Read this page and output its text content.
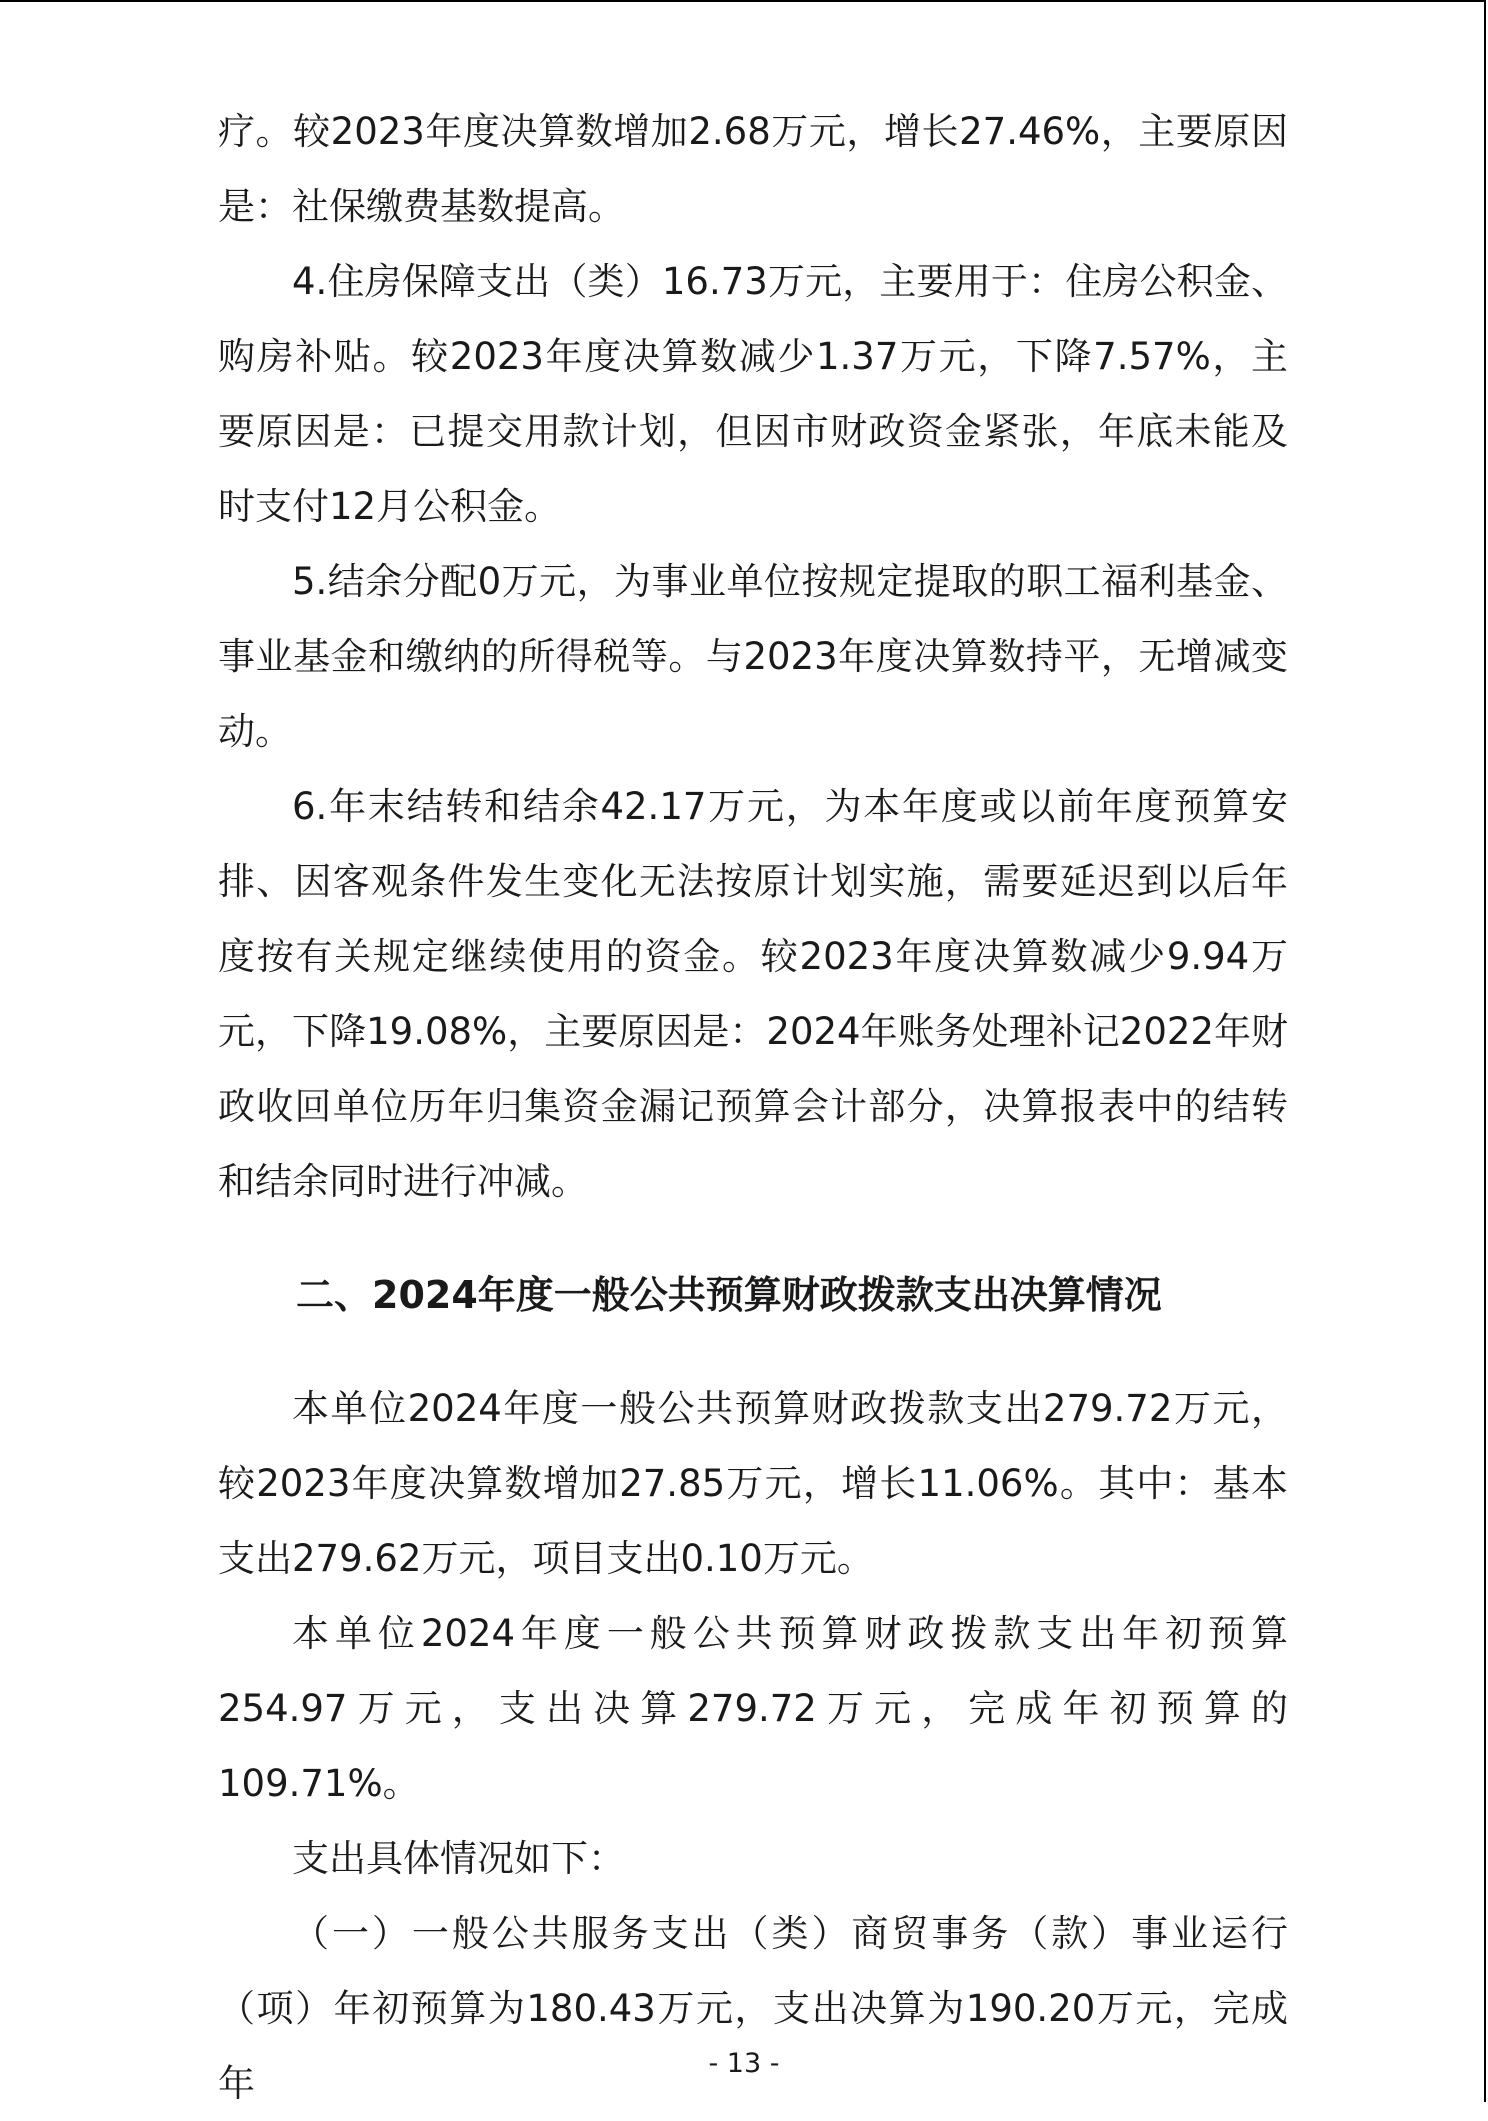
疗。较2023年度决算数增加2.68万元，增长27.46%，主要原因是：社保缴费基数提高。

4.住房保障支出（类）16.73万元，主要用于：住房公积金、购房补贴。较2023年度决算数减少1.37万元，下降7.57%，主要原因是：已提交用款计划，但因市财政资金紧张，年底未能及时支付12月公积金。

5.结余分配0万元，为事业单位按规定提取的职工福利基金、事业基金和缴纳的所得税等。与2023年度决算数持平，无增减变动。

6.年末结转和结余42.17万元，为本年度或以前年度预算安排、因客观条件发生变化无法按原计划实施，需要延迟到以后年度按有关规定继续使用的资金。较2023年度决算数减少9.94万元，下降19.08%，主要原因是：2024年账务处理补记2022年财政收回单位历年归集资金漏记预算会计部分，决算报表中的结转和结余同时进行冲减。

二、2024年度一般公共预算财政拨款支出决算情况

本单位2024年度一般公共预算财政拨款支出279.72万元，较2023年度决算数增加27.85万元，增长11.06%。其中：基本支出279.62万元，项目支出0.10万元。

本单位2024年度一般公共预算财政拨款支出年初预算254.97万元，支出决算279.72万元，完成年初预算的109.71%。

支出具体情况如下：

（一）一般公共服务支出（类）商贸事务（款）事业运行（项）年初预算为180.43万元，支出决算为190.20万元，完成年	- 13 -
